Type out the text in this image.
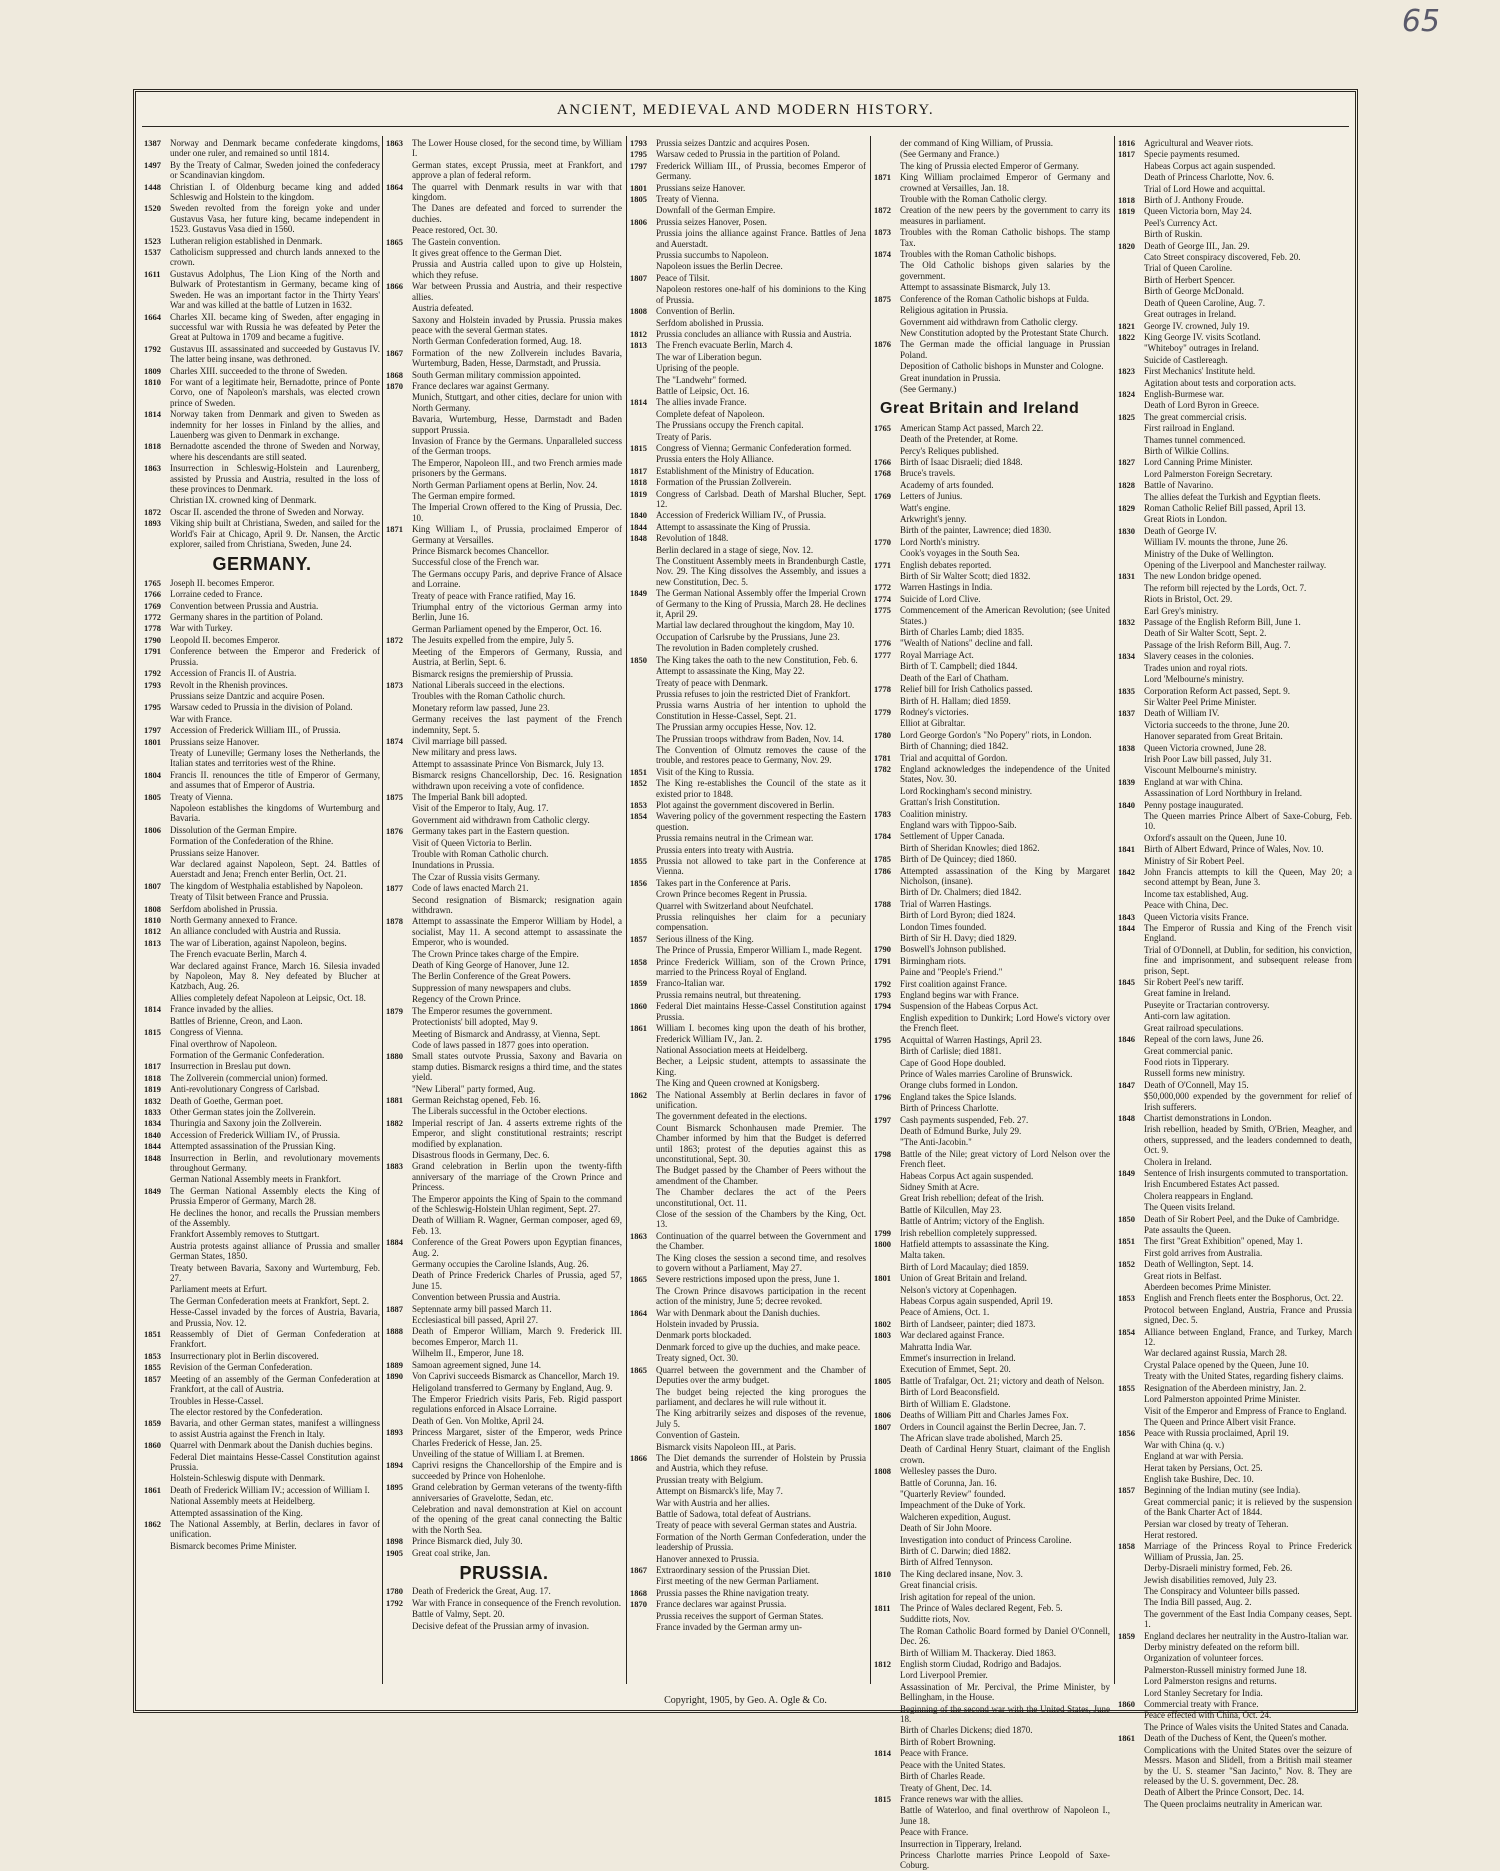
65
ANCIENT, MEDIEVAL AND MODERN HISTORY.
1387	Norway and Denmark became confederate kingdoms, under one ruler, and remained so until 1814.
1497	By the Treaty of Calmar, Sweden joined the confederacy or Scandinavian kingdom.
1448	Christian I. of Oldenburg became king and added Schleswig and Holstein to the kingdom.
1520	Sweden revolted from the foreign yoke and under Gustavus Vasa, her future king, became independent in 1523. Gustavus Vasa died in 1560.
1523	Lutheran religion established in Denmark.
1537	Catholicism suppressed and church lands annexed to the crown.
1611	Gustavus Adolphus, The Lion King of the North and Bulwark of Protestantism in Germany, became king of Sweden. He was an important factor in the Thirty Years' War and was killed at the battle of Lutzen in 1632.
1664	Charles XII. became king of Sweden, after engaging in successful war with Russia he was defeated by Peter the Great at Pultowa in 1709 and became a fugitive.
1792	Gustavus III. assassinated and succeeded by Gustavus IV. The latter being insane, was dethroned.
1809	Charles XIII. succeeded to the throne of Sweden.
1810	For want of a legitimate heir, Bernadotte, prince of Ponte Corvo, one of Napoleon's marshals, was elected crown prince of Sweden.
1814	Norway taken from Denmark and given to Sweden as indemnity for her losses in Finland by the allies, and Lauenberg was given to Denmark in exchange.
1818	Bernadotte ascended the throne of Sweden and Norway, where his descendants are still seated.
1863	Insurrection in Schleswig-Holstein and Laurenberg, assisted by Prussia and Austria, resulted in the loss of these provinces to Denmark.
Christian IX. crowned king of Denmark.
1872	Oscar II. ascended the throne of Sweden and Norway.
1893	Viking ship built at Christiana, Sweden, and sailed for the World's Fair at Chicago, April 9. Dr. Nansen, the Arctic explorer, sailed from Christiana, Sweden, June 24.
GERMANY.
1765	Joseph II. becomes Emperor.
1766	Lorraine ceded to France.
1769	Convention between Prussia and Austria.
1772	Germany shares in the partition of Poland.
1778	War with Turkey.
1790	Leopold II. becomes Emperor.
1791	Conference between the Emperor and Frederick of Prussia.
1792	Accession of Francis II. of Austria.
1793	Revolt in the Rhenish provinces.
Prussians seize Dantzic and acquire Posen.
1795	Warsaw ceded to Prussia in the division of Poland.
War with France.
1797	Accession of Frederick William III., of Prussia.
1801	Prussians seize Hanover.
Treaty of Luneville; Germany loses the Netherlands, the Italian states and territories west of the Rhine.
1804	Francis II. renounces the title of Emperor of Germany, and assumes that of Emperor of Austria.
1805	Treaty of Vienna.
Napoleon establishes the kingdoms of Wurtemburg and Bavaria.
1806	Dissolution of the German Empire.
Formation of the Confederation of the Rhine.
Prussians seize Hanover.
War declared against Napoleon, Sept. 24. Battles of Auerstadt and Jena; French enter Berlin, Oct. 21.
1807	The kingdom of Westphalia established by Napoleon.
Treaty of Tilsit between France and Prussia.
1808	Serfdom abolished in Prussia.
1810	North Germany annexed to France.
1812	An alliance concluded with Austria and Russia.
1813	The war of Liberation, against Napoleon, begins.
The French evacuate Berlin, March 4.
War declared against France, March 16. Silesia invaded by Napoleon, May 8. Ney defeated by Blucher at Katzbach, Aug. 26.
Allies completely defeat Napoleon at Leipsic, Oct. 18.
1814	France invaded by the allies.
Battles of Brienne, Creon, and Laon.
1815	Congress of Vienna.
Final overthrow of Napoleon.
Formation of the Germanic Confederation.
1817	Insurrection in Breslau put down.
1818	The Zollverein (commercial union) formed.
1819	Anti-revolutionary Congress of Carlsbad.
1832	Death of Goethe, German poet.
1833	Other German states join the Zollverein.
1834	Thuringia and Saxony join the Zollverein.
1840	Accession of Frederick William IV., of Prussia.
1844	Attempted assassination of the Prussian King.
1848	Insurrection in Berlin, and revolutionary movements throughout Germany.
German National Assembly meets in Frankfort.
1849	The German National Assembly elects the King of Prussia Emperor of Germany, March 28.
He declines the honor, and recalls the Prussian members of the Assembly.
Frankfort Assembly removes to Stuttgart.
Austria protests against alliance of Prussia and smaller German States, 1850.
Treaty between Bavaria, Saxony and Wurtemburg, Feb. 27.
Parliament meets at Erfurt.
The German Confederation meets at Frankfort, Sept. 2.
Hesse-Cassel invaded by the forces of Austria, Bavaria, and Prussia, Nov. 12.
1851	Reassembly of Diet of German Confederation at Frankfort.
1853	Insurrectionary plot in Berlin discovered.
1855	Revision of the German Confederation.
1857	Meeting of an assembly of the German Confederation at Frankfort, at the call of Austria.
Troubles in Hesse-Cassel.
The elector restored by the Confederation.
1859	Bavaria, and other German states, manifest a willingness to assist Austria against the French in Italy.
1860	Quarrel with Denmark about the Danish duchies begins.
Federal Diet maintains Hesse-Cassel Constitution against Prussia.
Holstein-Schleswig dispute with Denmark.
1861	Death of Frederick William IV.; accession of William I.
National Assembly meets at Heidelberg.
Attempted assassination of the King.
1862	The National Assembly, at Berlin, declares in favor of unification.
Bismarck becomes Prime Minister.
1863	The Lower House closed, for the second time, by William I.
German states, except Prussia, meet at Frankfort, and approve a plan of federal reform.
1864	The quarrel with Denmark results in war with that kingdom.
The Danes are defeated and forced to surrender the duchies.
Peace restored, Oct. 30.
1865	The Gastein convention.
It gives great offence to the German Diet.
Prussia and Austria called upon to give up Holstein, which they refuse.
1866	War between Prussia and Austria, and their respective allies.
Austria defeated.
Saxony and Holstein invaded by Prussia. Prussia makes peace with the several German states.
North German Confederation formed, Aug. 18.
1867	Formation of the new Zollverein includes Bavaria, Wurtemburg, Baden, Hesse, Darmstadt, and Prussia.
1868	South German military commission appointed.
1870	France declares war against Germany.
Munich, Stuttgart, and other cities, declare for union with North Germany.
Bavaria, Wurtemburg, Hesse, Darmstadt and Baden support Prussia.
Invasion of France by the Germans. Unparalleled success of the German troops.
The Emperor, Napoleon III., and two French armies made prisoners by the Germans.
North German Parliament opens at Berlin, Nov. 24.
The German empire formed.
The Imperial Crown offered to the King of Prussia, Dec. 10.
1871	King William I., of Prussia, proclaimed Emperor of Germany at Versailles.
Prince Bismarck becomes Chancellor.
Successful close of the French war.
The Germans occupy Paris, and deprive France of Alsace and Lorraine.
Treaty of peace with France ratified, May 16.
Triumphal entry of the victorious German army into Berlin, June 16.
German Parliament opened by the Emperor, Oct. 16.
1872	The Jesuits expelled from the empire, July 5.
Meeting of the Emperors of Germany, Russia, and Austria, at Berlin, Sept. 6.
Bismarck resigns the premiership of Prussia.
1873	National Liberals succeed in the elections.
Troubles with the Roman Catholic church.
Monetary reform law passed, June 23.
Germany receives the last payment of the French indemnity, Sept. 5.
1874	Civil marriage bill passed.
New military and press laws.
Attempt to assassinate Prince Von Bismarck, July 13.
Bismarck resigns Chancellorship, Dec. 16. Resignation withdrawn upon receiving a vote of confidence.
1875	The Imperial Bank bill adopted.
Visit of the Emperor to Italy, Aug. 17.
Government aid withdrawn from Catholic clergy.
1876	Germany takes part in the Eastern question.
Visit of Queen Victoria to Berlin.
Trouble with Roman Catholic church.
Inundations in Prussia.
The Czar of Russia visits Germany.
1877	Code of laws enacted March 21.
Second resignation of Bismarck; resignation again withdrawn.
1878	Attempt to assassinate the Emperor William by Hodel, a socialist, May 11. A second attempt to assassinate the Emperor, who is wounded.
The Crown Prince takes charge of the Empire.
Death of King George of Hanover, June 12.
The Berlin Conference of the Great Powers.
Suppression of many newspapers and clubs.
Regency of the Crown Prince.
1879	The Emperor resumes the government.
Protectionists' bill adopted, May 9.
Meeting of Bismarck and Andrassy, at Vienna, Sept.
Code of laws passed in 1877 goes into operation.
1880	Small states outvote Prussia, Saxony and Bavaria on stamp duties. Bismarck resigns a third time, and the states yield.
"New Liberal" party formed, Aug.
1881	German Reichstag opened, Feb. 16.
The Liberals successful in the October elections.
1882	Imperial rescript of Jan. 4 asserts extreme rights of the Emperor, and slight constitutional restraints; rescript modified by explanation.
Disastrous floods in Germany, Dec. 6.
1883	Grand celebration in Berlin upon the twenty-fifth anniversary of the marriage of the Crown Prince and Princess.
The Emperor appoints the King of Spain to the command of the Schleswig-Holstein Uhlan regiment, Sept. 27.
Death of William R. Wagner, German composer, aged 69, Feb. 13.
1884	Conference of the Great Powers upon Egyptian finances, Aug. 2.
Germany occupies the Caroline Islands, Aug. 26.
Death of Prince Frederick Charles of Prussia, aged 57, June 15.
Convention between Prussia and Austria.
1887	Septennate army bill passed March 11.
Ecclesiastical bill passed, April 27.
1888	Death of Emperor William, March 9. Frederick III. becomes Emperor, March 11.
Wilhelm II., Emperor, June 18.
1889	Samoan agreement signed, June 14.
1890	Von Caprivi succeeds Bismarck as Chancellor, March 19.
Heligoland transferred to Germany by England, Aug. 9.
The Emperor Friedrich visits Paris, Feb. Rigid passport regulations enforced in Alsace Lorraine.
Death of Gen. Von Moltke, April 24.
1893	Princess Margaret, sister of the Emperor, weds Prince Charles Frederick of Hesse, Jan. 25.
Unveiling of the statue of William I. at Bremen.
1894	Caprivi resigns the Chancellorship of the Empire and is succeeded by Prince von Hohenlohe.
1895	Grand celebration by German veterans of the twenty-fifth anniversaries of Gravelotte, Sedan, etc.
Celebration and naval demonstration at Kiel on account of the opening of the great canal connecting the Baltic with the North Sea.
1898	Prince Bismarck died, July 30.
1905	Great coal strike, Jan.
PRUSSIA.
1780	Death of Frederick the Great, Aug. 17.
1792	War with France in consequence of the French revolution.
Battle of Valmy, Sept. 20.
Decisive defeat of the Prussian army of invasion.
1793	Prussia seizes Dantzic and acquires Posen.
1795	Warsaw ceded to Prussia in the partition of Poland.
1797	Frederick William III., of Prussia, becomes Emperor of Germany.
1801	Prussians seize Hanover.
1805	Treaty of Vienna.
Downfall of the German Empire.
1806	Prussia seizes Hanover, Posen.
Prussia joins the alliance against France. Battles of Jena and Auerstadt.
Prussia succumbs to Napoleon.
Napoleon issues the Berlin Decree.
1807	Peace of Tilsit.
Napoleon restores one-half of his dominions to the King of Prussia.
1808	Convention of Berlin.
Serfdom abolished in Prussia.
1812	Prussia concludes an alliance with Russia and Austria.
1813	The French evacuate Berlin, March 4.
The war of Liberation begun.
Uprising of the people.
The "Landwehr" formed.
Battle of Leipsic, Oct. 16.
1814	The allies invade France.
Complete defeat of Napoleon.
The Prussians occupy the French capital.
Treaty of Paris.
1815	Congress of Vienna; Germanic Confederation formed.
Prussia enters the Holy Alliance.
1817	Establishment of the Ministry of Education.
1818	Formation of the Prussian Zollverein.
1819	Congress of Carlsbad. Death of Marshal Blucher, Sept. 12.
1840	Accession of Frederick William IV., of Prussia.
1844	Attempt to assassinate the King of Prussia.
1848	Revolution of 1848.
Berlin declared in a stage of siege, Nov. 12.
The Constituent Assembly meets in Brandenburgh Castle, Nov. 29. The King dissolves the Assembly, and issues a new Constitution, Dec. 5.
1849	The German National Assembly offer the Imperial Crown of Germany to the King of Prussia, March 28. He declines it, April 29.
Martial law declared throughout the kingdom, May 10.
Occupation of Carlsrube by the Prussians, June 23.
The revolution in Baden completely crushed.
1850	The King takes the oath to the new Constitution, Feb. 6.
Attempt to assassinate the King, May 22.
Treaty of peace with Denmark.
Prussia refuses to join the restricted Diet of Frankfort.
Prussia warns Austria of her intention to uphold the Constitution in Hesse-Cassel, Sept. 21.
The Prussian army occupies Hesse, Nov. 12.
The Prussian troops withdraw from Baden, Nov. 14.
The Convention of Olmutz removes the cause of the trouble, and restores peace to Germany, Nov. 29.
1851	Visit of the King to Russia.
1852	The King re-establishes the Council of the state as it existed prior to 1848.
1853	Plot against the government discovered in Berlin.
1854	Wavering policy of the government respecting the Eastern question.
Prussia remains neutral in the Crimean war.
Prussia enters into treaty with Austria.
1855	Prussia not allowed to take part in the Conference at Vienna.
1856	Takes part in the Conference at Paris.
Crown Prince becomes Regent in Prussia.
Quarrel with Switzerland about Neufchatel.
Prussia relinquishes her claim for a pecuniary compensation.
1857	Serious illness of the King.
The Prince of Prussia, Emperor William I., made Regent.
1858	Prince Frederick William, son of the Crown Prince, married to the Princess Royal of England.
1859	Franco-Italian war.
Prussia remains neutral, but threatening.
1860	Federal Diet maintains Hesse-Cassel Constitution against Prussia.
1861	William I. becomes king upon the death of his brother, Frederick William IV., Jan. 2.
National Association meets at Heidelberg.
Becher, a Leipsic student, attempts to assassinate the King.
The King and Queen crowned at Konigsberg.
1862	The National Assembly at Berlin declares in favor of unification.
The government defeated in the elections.
Count Bismarck Schonhausen made Premier. The Chamber informed by him that the Budget is deferred until 1863; protest of the deputies against this as unconstitutional, Sept. 30.
The Budget passed by the Chamber of Peers without the amendment of the Chamber.
The Chamber declares the act of the Peers unconstitutional, Oct. 11.
Close of the session of the Chambers by the King, Oct. 13.
1863	Continuation of the quarrel between the Government and the Chamber.
The King closes the session a second time, and resolves to govern without a Parliament, May 27.
1865	Severe restrictions imposed upon the press, June 1.
The Crown Prince disavows participation in the recent action of the ministry, June 5; decree revoked.
1864	War with Denmark about the Danish duchies.
Holstein invaded by Prussia.
Denmark ports blockaded.
Denmark forced to give up the duchies, and make peace.
Treaty signed, Oct. 30.
1865	Quarrel between the government and the Chamber of Deputies over the army budget.
The budget being rejected the king prorogues the parliament, and declares he will rule without it.
The King arbitrarily seizes and disposes of the revenue, July 5.
Convention of Gastein.
Bismarck visits Napoleon III., at Paris.
1866	The Diet demands the surrender of Holstein by Prussia and Austria, which they refuse.
Prussian treaty with Belgium.
Attempt on Bismarck's life, May 7.
War with Austria and her allies.
Battle of Sadowa, total defeat of Austrians.
Treaty of peace with several German states and Austria.
Formation of the North German Confederation, under the leadership of Prussia.
Hanover annexed to Prussia.
1867	Extraordinary session of the Prussian Diet.
First meeting of the new German Parliament.
1868	Prussia passes the Rhine navigation treaty.
1870	France declares war against Prussia.
Prussia receives the support of German States.
France invaded by the German army un-
der command of King William, of Prussia.
(See Germany and France.)
The king of Prussia elected Emperor of Germany.
1871	King William proclaimed Emperor of Germany and crowned at Versailles, Jan. 18.
Trouble with the Roman Catholic clergy.
1872	Creation of the new peers by the government to carry its measures in parliament.
1873	Troubles with the Roman Catholic bishops. The stamp Tax.
1874	Troubles with the Roman Catholic bishops.
The Old Catholic bishops given salaries by the government.
Attempt to assassinate Bismarck, July 13.
1875	Conference of the Roman Catholic bishops at Fulda.
Religious agitation in Prussia.
Government aid withdrawn from Catholic clergy.
New Constitution adopted by the Protestant State Church.
1876	The German made the official language in Prussian Poland.
Deposition of Catholic bishops in Munster and Cologne.
Great inundation in Prussia.
(See Germany.)
Great Britain and Ireland
1765	American Stamp Act passed, March 22.
Death of the Pretender, at Rome.
Percy's Reliques published.
1766	Birth of Isaac Disraeli; died 1848.
1768	Bruce's travels.
Academy of arts founded.
1769	Letters of Junius.
Watt's engine.
Arkwright's jenny.
Birth of the painter, Lawrence; died 1830.
1770	Lord North's ministry.
Cook's voyages in the South Sea.
1771	English debates reported.
Birth of Sir Walter Scott; died 1832.
1772	Warren Hastings in India.
1774	Suicide of Lord Clive.
1775	Commencement of the American Revolution; (see United States.)
Birth of Charles Lamb; died 1835.
1776	"Wealth of Nations" decline and fall.
1777	Royal Marriage Act.
Birth of T. Campbell; died 1844.
Death of the Earl of Chatham.
1778	Relief bill for Irish Catholics passed.
Birth of H. Hallam; died 1859.
1779	Rodney's victories.
Elliot at Gibraltar.
1780	Lord George Gordon's "No Popery" riots, in London.
Birth of Channing; died 1842.
1781	Trial and acquittal of Gordon.
1782	England acknowledges the independence of the United States, Nov. 30.
Lord Rockingham's second ministry.
Grattan's Irish Constitution.
1783	Coalition ministry.
England wars with Tippoo-Saib.
1784	Settlement of Upper Canada.
Birth of Sheridan Knowles; died 1862.
1785	Birth of De Quincey; died 1860.
1786	Attempted assassination of the King by Margaret Nicholson, (insane).
Birth of Dr. Chalmers; died 1842.
1788	Trial of Warren Hastings.
Birth of Lord Byron; died 1824.
London Times founded.
Birth of Sir H. Davy; died 1829.
1790	Boswell's Johnson published.
1791	Birmingham riots.
Paine and "People's Friend."
1792	First coalition against France.
1793	England begins war with France.
1794	Suspension of the Habeas Corpus Act.
English expedition to Dunkirk; Lord Howe's victory over the French fleet.
1795	Acquittal of Warren Hastings, April 23.
Birth of Carlisle; died 1881.
Cape of Good Hope doubled.
Prince of Wales marries Caroline of Brunswick.
Orange clubs formed in London.
1796	England takes the Spice Islands.
Birth of Princess Charlotte.
1797	Cash payments suspended, Feb. 27.
Death of Edmund Burke, July 29.
"The Anti-Jacobin."
1798	Battle of the Nile; great victory of Lord Nelson over the French fleet.
Habeas Corpus Act again suspended.
Sidney Smith at Acre.
Great Irish rebellion; defeat of the Irish.
Battle of Kilcullen, May 23.
Battle of Antrim; victory of the English.
1799	Irish rebellion completely suppressed.
1800	Hatfield attempts to assassinate the King.
Malta taken.
Birth of Lord Macaulay; died 1859.
1801	Union of Great Britain and Ireland.
Nelson's victory at Copenhagen.
Habeas Corpus again suspended, April 19.
Peace of Amiens, Oct. 1.
1802	Birth of Landseer, painter; died 1873.
1803	War declared against France.
Mahratta India War.
Emmet's insurrection in Ireland.
Execution of Emmet, Sept. 20.
1805	Battle of Trafalgar, Oct. 21; victory and death of Nelson.
Birth of Lord Beaconsfield.
Birth of William E. Gladstone.
1806	Deaths of William Pitt and Charles James Fox.
1807	Orders in Council against the Berlin Decree, Jan. 7.
The African slave trade abolished, March 25.
Death of Cardinal Henry Stuart, claimant of the English crown.
1808	Wellesley passes the Duro.
Battle of Corunna, Jan. 16.
"Quarterly Review" founded.
Impeachment of the Duke of York.
Walcheren expedition, August.
Death of Sir John Moore.
Investigation into conduct of Princess Caroline.
Birth of C. Darwin; died 1882.
Birth of Alfred Tennyson.
1810	The King declared insane, Nov. 3.
Great financial crisis.
Irish agitation for repeal of the union.
1811	The Prince of Wales declared Regent, Feb. 5.
Sudditte riots, Nov.
The Roman Catholic Board formed by Daniel O'Connell, Dec. 26.
Birth of William M. Thackeray. Died 1863.
1812	English storm Ciudad, Rodrigo and Badajos.
Lord Liverpool Premier.
Assassination of Mr. Percival, the Prime Minister, by Bellingham, in the House.
Beginning of the second war with the United States, June 18.
Birth of Charles Dickens; died 1870.
Birth of Robert Browning.
1814	Peace with France.
Peace with the United States.
Birth of Charles Reade.
Treaty of Ghent, Dec. 14.
1815	France renews war with the allies.
Battle of Waterloo, and final overthrow of Napoleon I., June 18.
Peace with France.
Insurrection in Tipperary, Ireland.
Princess Charlotte marries Prince Leopold of Saxe-Coburg.
1816	Agricultural and Weaver riots.
1817	Specie payments resumed.
Habeas Corpus act again suspended.
Death of Princess Charlotte, Nov. 6.
Trial of Lord Howe and acquittal.
1818	Birth of J. Anthony Froude.
1819	Queen Victoria born, May 24.
Peel's Currency Act.
Birth of Ruskin.
1820	Death of George III., Jan. 29.
Cato Street conspiracy discovered, Feb. 20.
Trial of Queen Caroline.
Birth of Herbert Spencer.
Birth of George McDonald.
Death of Queen Caroline, Aug. 7.
Great outrages in Ireland.
1821	George IV. crowned, July 19.
1822	King George IV. visits Scotland.
"Whiteboy" outrages in Ireland.
Suicide of Castlereagh.
1823	First Mechanics' Institute held.
Agitation about tests and corporation acts.
1824	English-Burmese war.
Death of Lord Byron in Greece.
1825	The great commercial crisis.
First railroad in England.
Thames tunnel commenced.
Birth of Wilkie Collins.
1827	Lord Canning Prime Minister.
Lord Palmerston Foreign Secretary.
1828	Battle of Navarino.
The allies defeat the Turkish and Egyptian fleets.
1829	Roman Catholic Relief Bill passed, April 13.
Great Riots in London.
1830	Death of George IV.
William IV. mounts the throne, June 26.
Ministry of the Duke of Wellington.
Opening of the Liverpool and Manchester railway.
1831	The new London bridge opened.
The reform bill rejected by the Lords, Oct. 7.
Riots in Bristol, Oct. 29.
Earl Grey's ministry.
1832	Passage of the English Reform Bill, June 1.
Death of Sir Walter Scott, Sept. 2.
Passage of the Irish Reform Bill, Aug. 7.
1834	Slavery ceases in the colonies.
Trades union and royal riots.
Lord 'Melbourne's ministry.
1835	Corporation Reform Act passed, Sept. 9.
Sir Walter Peel Prime Minister.
1837	Death of William IV.
Victoria succeeds to the throne, June 20.
Hanover separated from Great Britain.
1838	Queen Victoria crowned, June 28.
Irish Poor Law bill passed, July 31.
Viscount Melbourne's ministry.
1839	England at war with China.
Assassination of Lord Northbury in Ireland.
1840	Penny postage inaugurated.
The Queen marries Prince Albert of Saxe-Coburg, Feb. 10.
Oxford's assault on the Queen, June 10.
1841	Birth of Albert Edward, Prince of Wales, Nov. 10.
Ministry of Sir Robert Peel.
1842	John Francis attempts to kill the Queen, May 20; a second attempt by Bean, June 3.
Income tax established, Aug.
Peace with China, Dec.
1843	Queen Victoria visits France.
1844	The Emperor of Russia and King of the French visit England.
Trial of O'Donnell, at Dublin, for sedition, his conviction, fine and imprisonment, and subsequent release from prison, Sept.
1845	Sir Robert Peel's new tariff.
Great famine in Ireland.
Puseyite or Tractarian controversy.
Anti-corn law agitation.
Great railroad speculations.
1846	Repeal of the corn laws, June 26.
Great commercial panic.
Food riots in Tipperary.
Russell forms new ministry.
1847	Death of O'Connell, May 15.
$50,000,000 expended by the government for relief of Irish sufferers.
1848	Chartist demonstrations in London.
Irish rebellion, headed by Smith, O'Brien, Meagher, and others, suppressed, and the leaders condemned to death, Oct. 9.
Cholera in Ireland.
1849	Sentence of Irish insurgents commuted to transportation.
Irish Encumbered Estates Act passed.
Cholera reappears in England.
The Queen visits Ireland.
1850	Death of Sir Robert Peel, and the Duke of Cambridge.
Pate assaults the Queen.
1851	The first "Great Exhibition" opened, May 1.
First gold arrives from Australia.
1852	Death of Wellington, Sept. 14.
Great riots in Belfast.
Aberdeen becomes Prime Minister.
1853	English and French fleets enter the Bosphorus, Oct. 22.
Protocol between England, Austria, France and Prussia signed, Dec. 5.
1854	Alliance between England, France, and Turkey, March 12.
War declared against Russia, March 28.
Crystal Palace opened by the Queen, June 10.
Treaty with the United States, regarding fishery claims.
1855	Resignation of the Aberdeen ministry, Jan. 2.
Lord Palmerston appointed Prime Minister.
Visit of the Emperor and Empress of France to England.
The Queen and Prince Albert visit France.
1856	Peace with Russia proclaimed, April 19.
War with China (q. v.)
England at war with Persia.
Herat taken by Persians, Oct. 25.
English take Bushire, Dec. 10.
1857	Beginning of the Indian mutiny (see India).
Great commercial panic; it is relieved by the suspension of the Bank Charter Act of 1844.
Persian war closed by treaty of Teheran.
Herat restored.
1858	Marriage of the Princess Royal to Prince Frederick William of Prussia, Jan. 25.
Derby-Disraeli ministry formed, Feb. 26.
Jewish disabilities removed, July 23.
The Conspiracy and Volunteer bills passed.
The India Bill passed, Aug. 2.
The government of the East India Company ceases, Sept. 1.
1859	England declares her neutrality in the Austro-Italian war.
Derby ministry defeated on the reform bill.
Organization of volunteer forces.
Palmerston-Russell ministry formed June 18.
Lord Palmerston resigns and returns.
Lord Stanley Secretary for India.
1860	Commercial treaty with France.
Peace effected with China, Oct. 24.
The Prince of Wales visits the United States and Canada.
1861	Death of the Duchess of Kent, the Queen's mother.
Complications with the United States over the seizure of Messrs. Mason and Slidell, from a British mail steamer by the U. S. steamer "San Jacinto," Nov. 8. They are released by the U. S. government, Dec. 28.
Death of Albert the Prince Consort, Dec. 14.
The Queen proclaims neutrality in American war.
Copyright, 1905, by Geo. A. Ogle & Co.
